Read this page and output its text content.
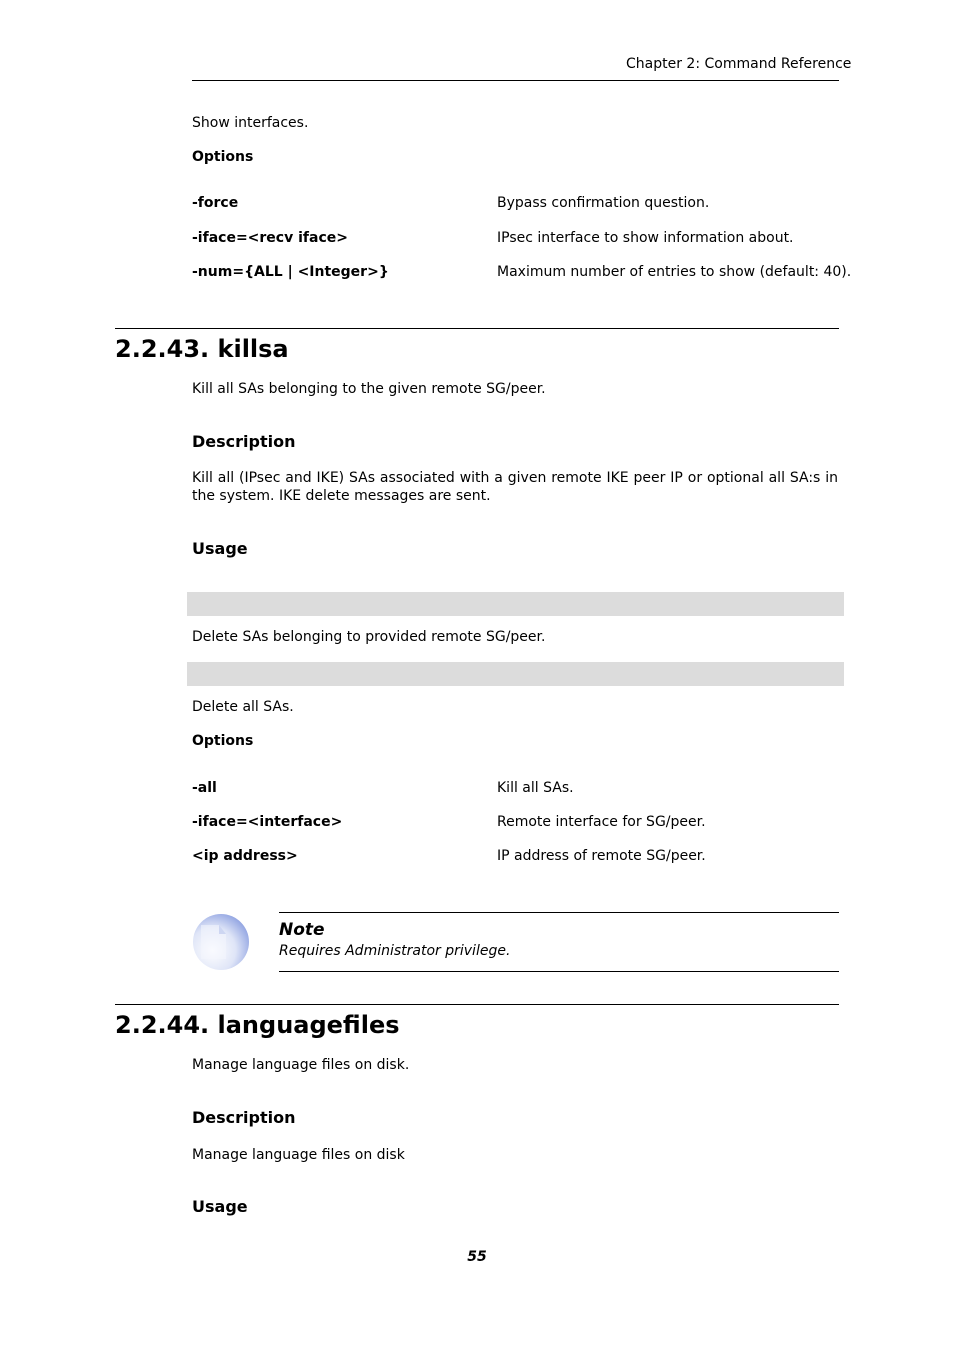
Chapter 2: Command Reference
Show interfaces.
Options
-force	Bypass confirmation question.
-iface=<recv iface>	IPsec interface to show information about.
-num={ALL | <Integer>}	Maximum number of entries to show (default: 40).
2.2.43. killsa
Kill all SAs belonging to the given remote SG/peer.
Description
Kill all (IPsec and IKE) SAs associated with a given remote IKE peer IP or optional all SA:s in the system. IKE delete messages are sent.
Usage
Delete SAs belonging to provided remote SG/peer.
Delete all SAs.
Options
-all	Kill all SAs.
-iface=<interface>	Remote interface for SG/peer.
<ip address>	IP address of remote SG/peer.
Note
Requires Administrator privilege.
2.2.44. languagefiles
Manage language files on disk.
Description
Manage language files on disk
Usage
55
